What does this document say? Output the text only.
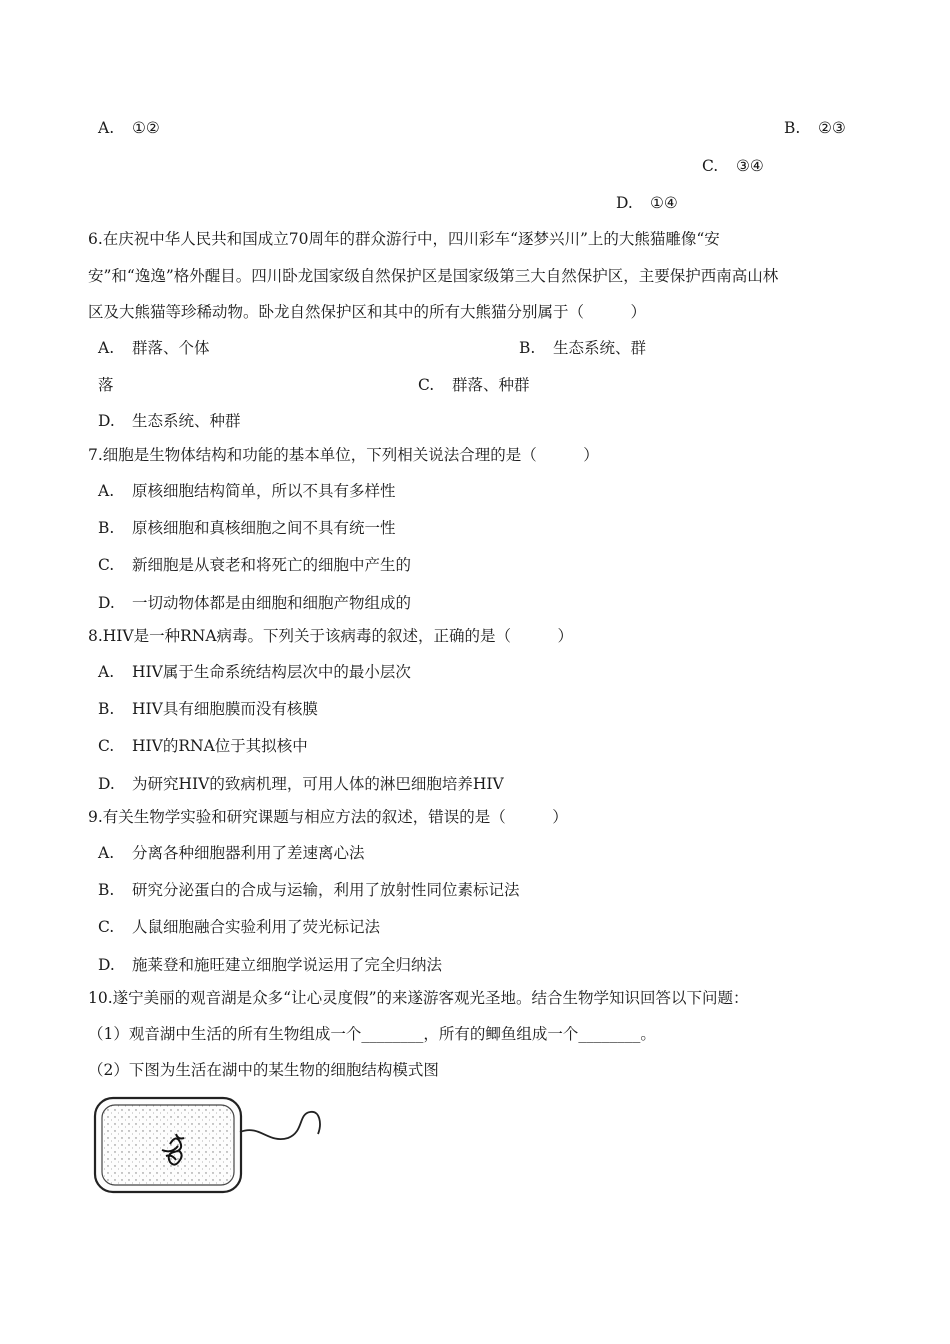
A. ①②	B. ②③
C. ③④
D. ①④
6.在庆祝中华人民共和国成立70周年的群众游行中，四川彩车“逐梦兴川”上的大熊猫雕像“安
安”和“逸逸”格外醒目。四川卧龙国家级自然保护区是国家级第三大自然保护区，主要保护西南高山林
区及大熊猫等珍稀动物。卧龙自然保护区和其中的所有大熊猫分别属于（　　　）
A. 群落、个体	B. 生态系统、群
落	C. 群落、种群
D. 生态系统、种群
7.细胞是生物体结构和功能的基本单位，下列相关说法合理的是（　　　）
A. 原核细胞结构简单，所以不具有多样性
B. 原核细胞和真核细胞之间不具有统一性
C. 新细胞是从衰老和将死亡的细胞中产生的
D. 一切动物体都是由细胞和细胞产物组成的
8.HIV是一种RNA病毒。下列关于该病毒的叙述，正确的是（　　　）
A. HIV属于生命系统结构层次中的最小层次
B. HIV具有细胞膜而没有核膜
C. HIV的RNA位于其拟核中
D. 为研究HIV的致病机理，可用人体的淋巴细胞培养HIV
9.有关生物学实验和研究课题与相应方法的叙述，错误的是（　　　）
A. 分离各种细胞器利用了差速离心法
B. 研究分泌蛋白的合成与运输，利用了放射性同位素标记法
C. 人鼠细胞融合实验利用了荧光标记法
D. 施莱登和施旺建立细胞学说运用了完全归纳法
10.遂宁美丽的观音湖是众多“让心灵度假”的来遂游客观光圣地。结合生物学知识回答以下问题：
（1）观音湖中生活的所有生物组成一个________，所有的鲫鱼组成一个________。
（2）下图为生活在湖中的某生物的细胞结构模式图
